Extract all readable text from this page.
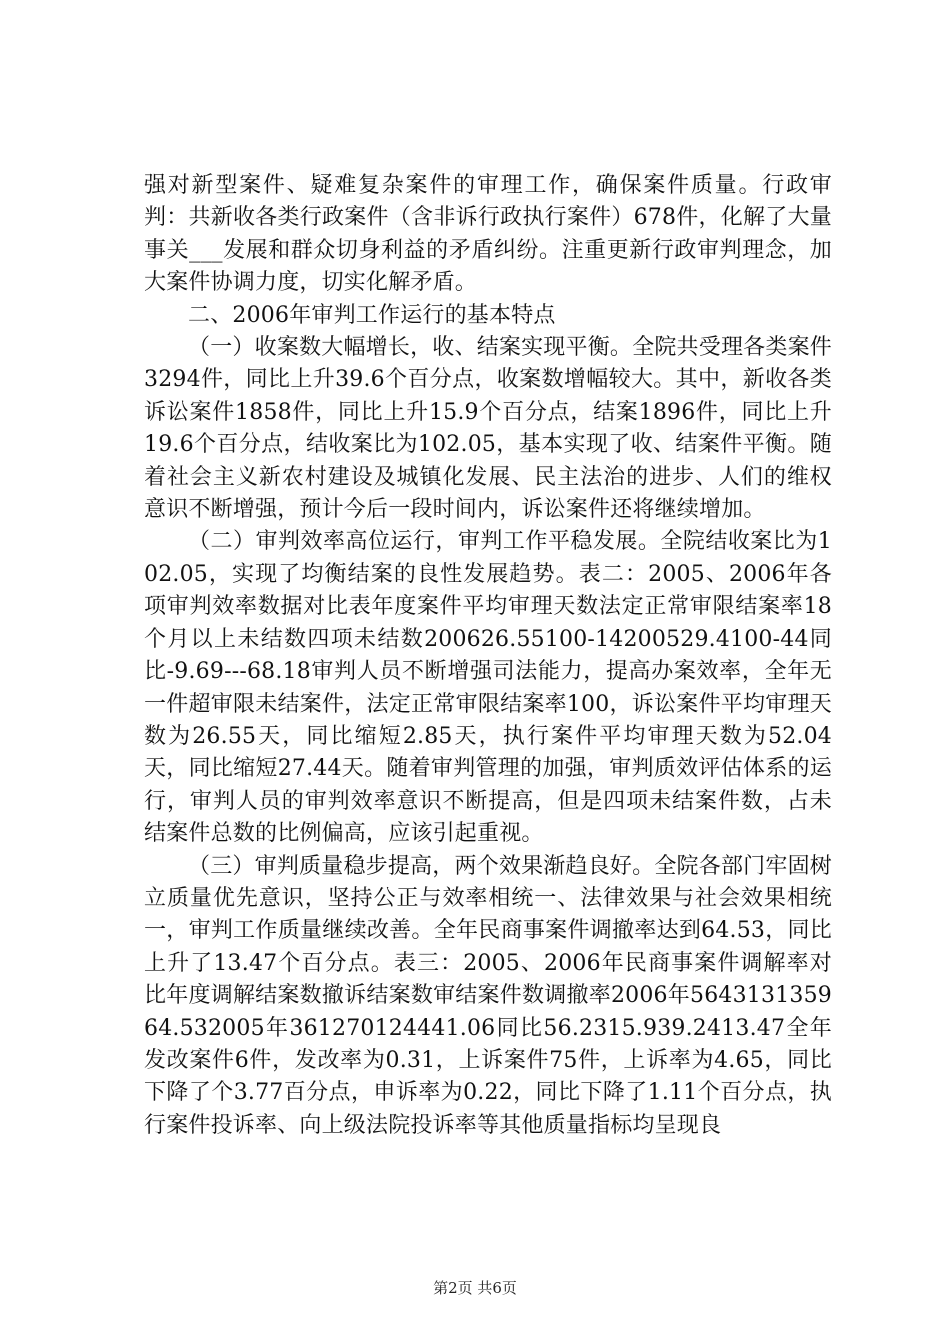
强对新型案件、疑难复杂案件的审理工作，确保案件质量。行政审判：共新收各类行政案件（含非诉行政执行案件）678件，化解了大量事关___发展和群众切身利益的矛盾纠纷。注重更新行政审判理念，加大案件协调力度，切实化解矛盾。

二、2006年审判工作运行的基本特点

（一）收案数大幅增长，收、结案实现平衡。全院共受理各类案件3294件，同比上升39.6个百分点，收案数增幅较大。其中，新收各类诉讼案件1858件，同比上升15.9个百分点，结案1896件，同比上升19.6个百分点，结收案比为102.05，基本实现了收、结案件平衡。随着社会主义新农村建设及城镇化发展、民主法治的进步、人们的维权意识不断增强，预计今后一段时间内，诉讼案件还将继续增加。

（二）审判效率高位运行，审判工作平稳发展。全院结收案比为102.05，实现了均衡结案的良性发展趋势。表二：2005、2006年各项审判效率数据对比表年度案件平均审理天数法定正常审限结案率18个月以上未结数四项未结数200626.55100-14200529.4100-44同比-9.69---68.18审判人员不断增强司法能力，提高办案效率，全年无一件超审限未结案件，法定正常审限结案率100，诉讼案件平均审理天数为26.55天，同比缩短2.85天，执行案件平均审理天数为52.04天，同比缩短27.44天。随着审判管理的加强，审判质效评估体系的运行，审判人员的审判效率意识不断提高，但是四项未结案件数，占未结案件总数的比例偏高，应该引起重视。

（三）审判质量稳步提高，两个效果渐趋良好。全院各部门牢固树立质量优先意识，坚持公正与效率相统一、法律效果与社会效果相统一，审判工作质量继续改善。全年民商事案件调撤率达到64.53，同比上升了13.47个百分点。表三：2005、2006年民商事案件调解率对比年度调解结案数撤诉结案数审结案件数调撤率2006年564313135964.532005年361270124441.06同比56.2315.939.2413.47全年发改案件6件，发改率为0.31，上诉案件75件，上诉率为4.65，同比下降了个3.77百分点，申诉率为0.22，同比下降了1.11个百分点，执行案件投诉率、向上级法院投诉率等其他质量指标均呈现良

第2页 共6页
